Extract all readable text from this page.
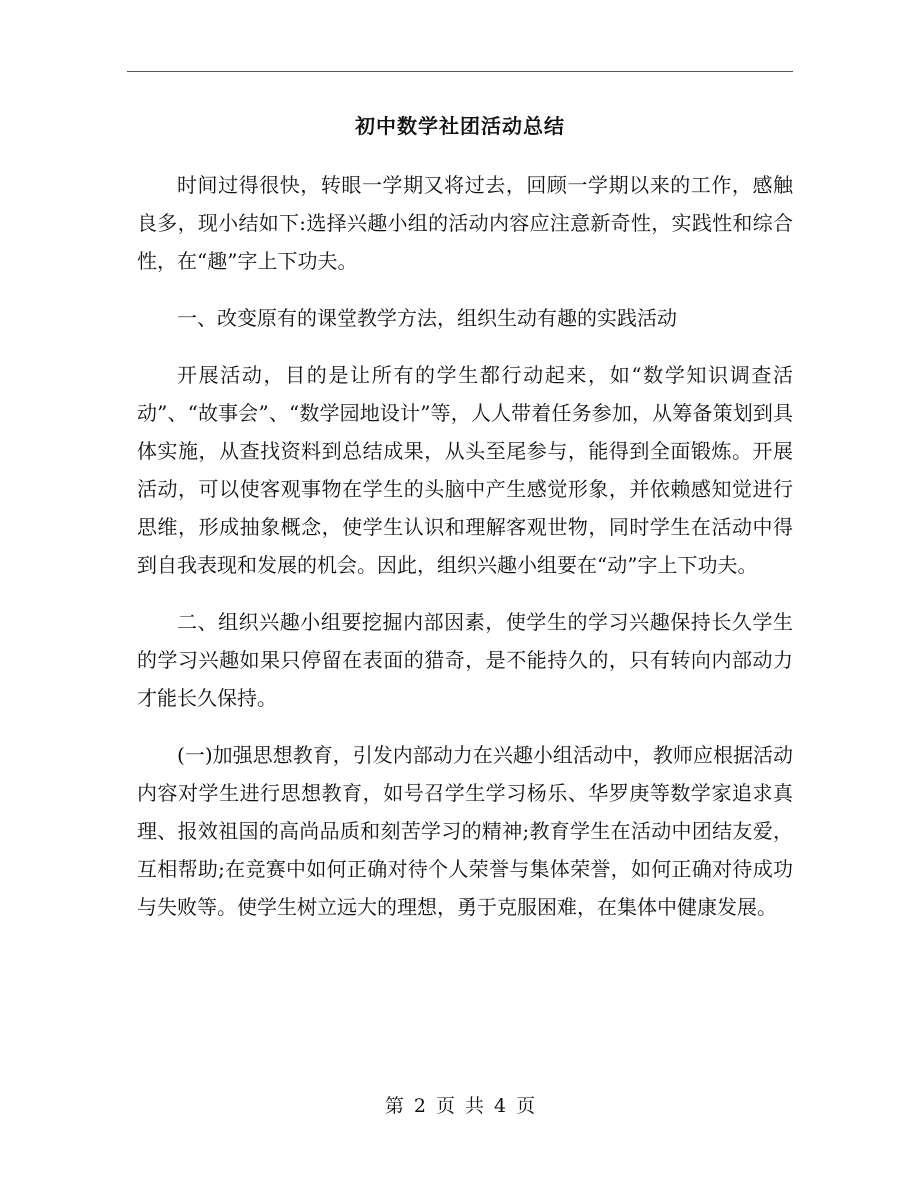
初中数学社团活动总结

时间过得很快，转眼一学期又将过去，回顾一学期以来的工作，感触良多，现小结如下:选择兴趣小组的活动内容应注意新奇性，实践性和综合性，在“趣”字上下功夫。

一、改变原有的课堂教学方法，组织生动有趣的实践活动

开展活动，目的是让所有的学生都行动起来，如“数学知识调查活动”、“故事会”、“数学园地设计”等，人人带着任务参加，从筹备策划到具体实施，从查找资料到总结成果，从头至尾参与，能得到全面锻炼。开展活动，可以使客观事物在学生的头脑中产生感觉形象，并依赖感知觉进行思维，形成抽象概念，使学生认识和理解客观世物，同时学生在活动中得到自我表现和发展的机会。因此，组织兴趣小组要在“动”字上下功夫。

二、组织兴趣小组要挖掘内部因素，使学生的学习兴趣保持长久学生的学习兴趣如果只停留在表面的猎奇，是不能持久的，只有转向内部动力才能长久保持。

(一)加强思想教育，引发内部动力在兴趣小组活动中，教师应根据活动内容对学生进行思想教育，如号召学生学习杨乐、华罗庚等数学家追求真理、报效祖国的高尚品质和刻苦学习的精神;教育学生在活动中团结友爱，互相帮助;在竞赛中如何正确对待个人荣誉与集体荣誉，如何正确对待成功与失败等。使学生树立远大的理想，勇于克服困难，在集体中健康发展。

第 2 页 共 4 页
